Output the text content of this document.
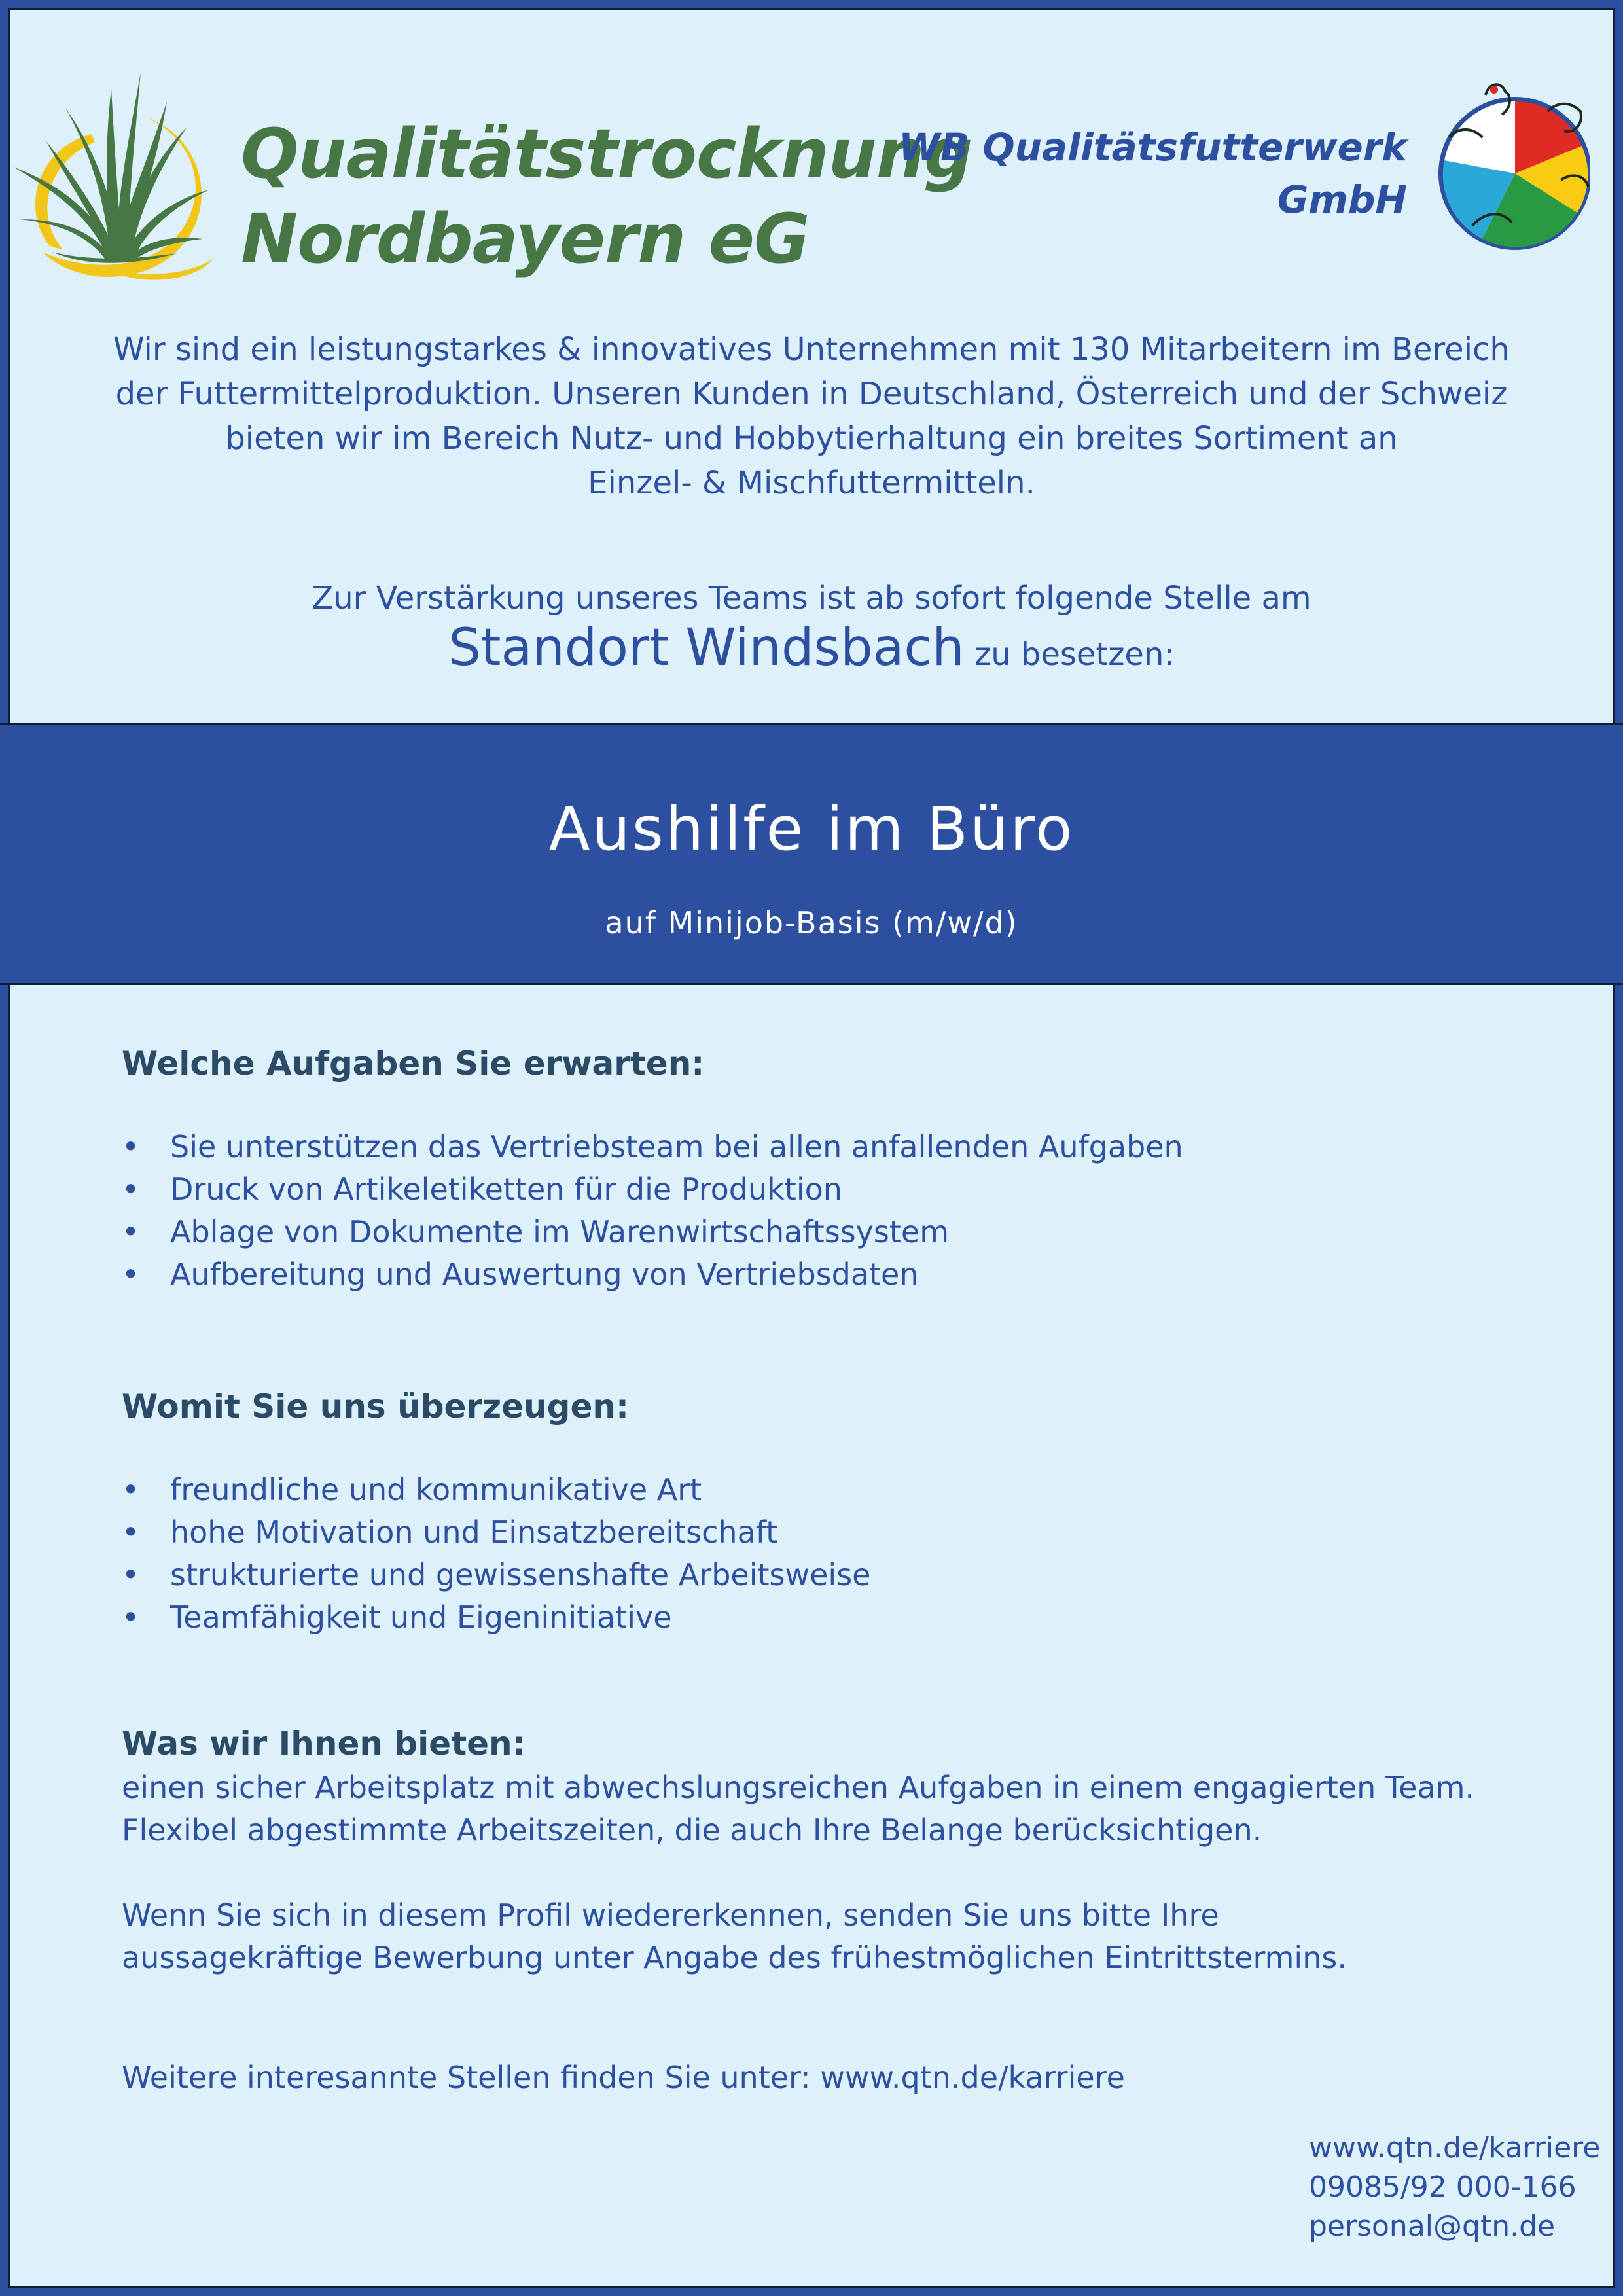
Qualitätstrocknung
Nordbayern eG
WB Qualitätsfutterwerk
GmbH

Wir sind ein leistungstarkes & innovatives Unternehmen mit 130 Mitarbeitern im Bereich

der Futtermittelproduktion. Unseren Kunden in Deutschland, Österreich und der Schweiz

bieten wir im Bereich Nutz- und Hobbytierhaltung ein breites Sortiment an

Einzel- & Mischfuttermitteln.

Zur Verstärkung unseres Teams ist ab sofort folgende Stelle am

Standort Windsbach zu besetzen:

Aushilfe im Büro
auf Minijob-Basis (m/w/d)
Welche Aufgaben Sie erwarten:
• Sie unterstützen das Vertriebsteam bei allen anfallenden Aufgaben
• Druck von Artikeletiketten für die Produktion
• Ablage von Dokumente im Warenwirtschaftssystem
• Aufbereitung und Auswertung von Vertriebsdaten
Womit Sie uns überzeugen:
• freundliche und kommunikative Art
• hohe Motivation und Einsatzbereitschaft
• strukturierte und gewissenshafte Arbeitsweise
• Teamfähigkeit und Eigeninitiative
Was wir Ihnen bieten:

einen sicher Arbeitsplatz mit abwechslungsreichen Aufgaben in einem engagierten Team.

Flexibel abgestimmte Arbeitszeiten, die auch Ihre Belange berücksichtigen.

Wenn Sie sich in diesem Profil wiedererkennen, senden Sie uns bitte Ihre

aussagekräftige Bewerbung unter Angabe des frühestmöglichen Eintrittstermins.

Weitere interesannte Stellen finden Sie unter: www.qtn.de/karriere

www.qtn.de/karriere
09085/92 000-166
personal@qtn.de
